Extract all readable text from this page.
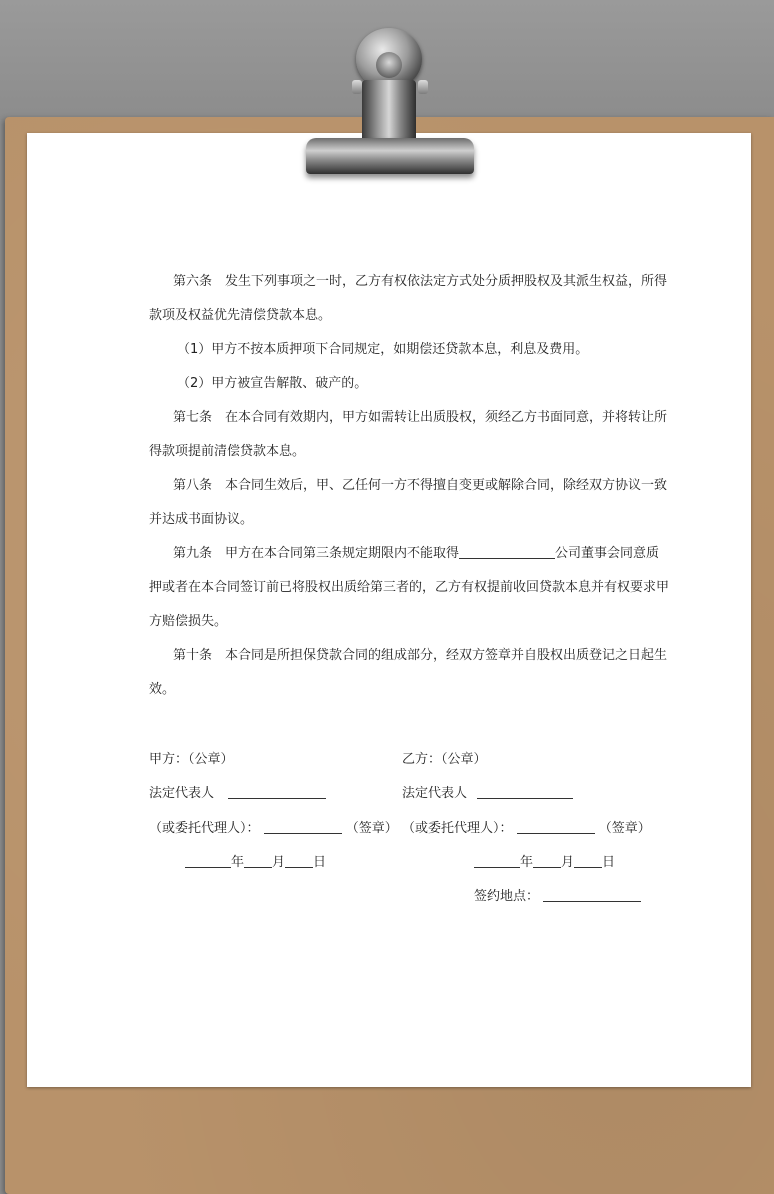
第六条　发生下列事项之一时，乙方有权依法定方式处分质押股权及其派生权益，所得

款项及权益优先清偿贷款本息。

（1）甲方不按本质押项下合同规定，如期偿还贷款本息，利息及费用。

（2）甲方被宣告解散、破产的。

第七条　在本合同有效期内，甲方如需转让出质股权，须经乙方书面同意，并将转让所

得款项提前清偿贷款本息。

第八条　本合同生效后，甲、乙任何一方不得擅自变更或解除合同，除经双方协议一致

并达成书面协议。

第九条　甲方在本合同第三条规定期限内不能取得	公司董事会同意质

押或者在本合同签订前已将股权出质给第三者的，乙方有权提前收回贷款本息并有权要求甲

方赔偿损失。

第十条　本合同是所担保贷款合同的组成部分，经双方签章并自股权出质登记之日起生

效。

甲方：（公章）
法定代表人
（或委托代理人）：	（签章）
年 月 日
乙方：（公章）
法定代表人
（或委托代理人）：	（签章）
年 月 日
签约地点：
